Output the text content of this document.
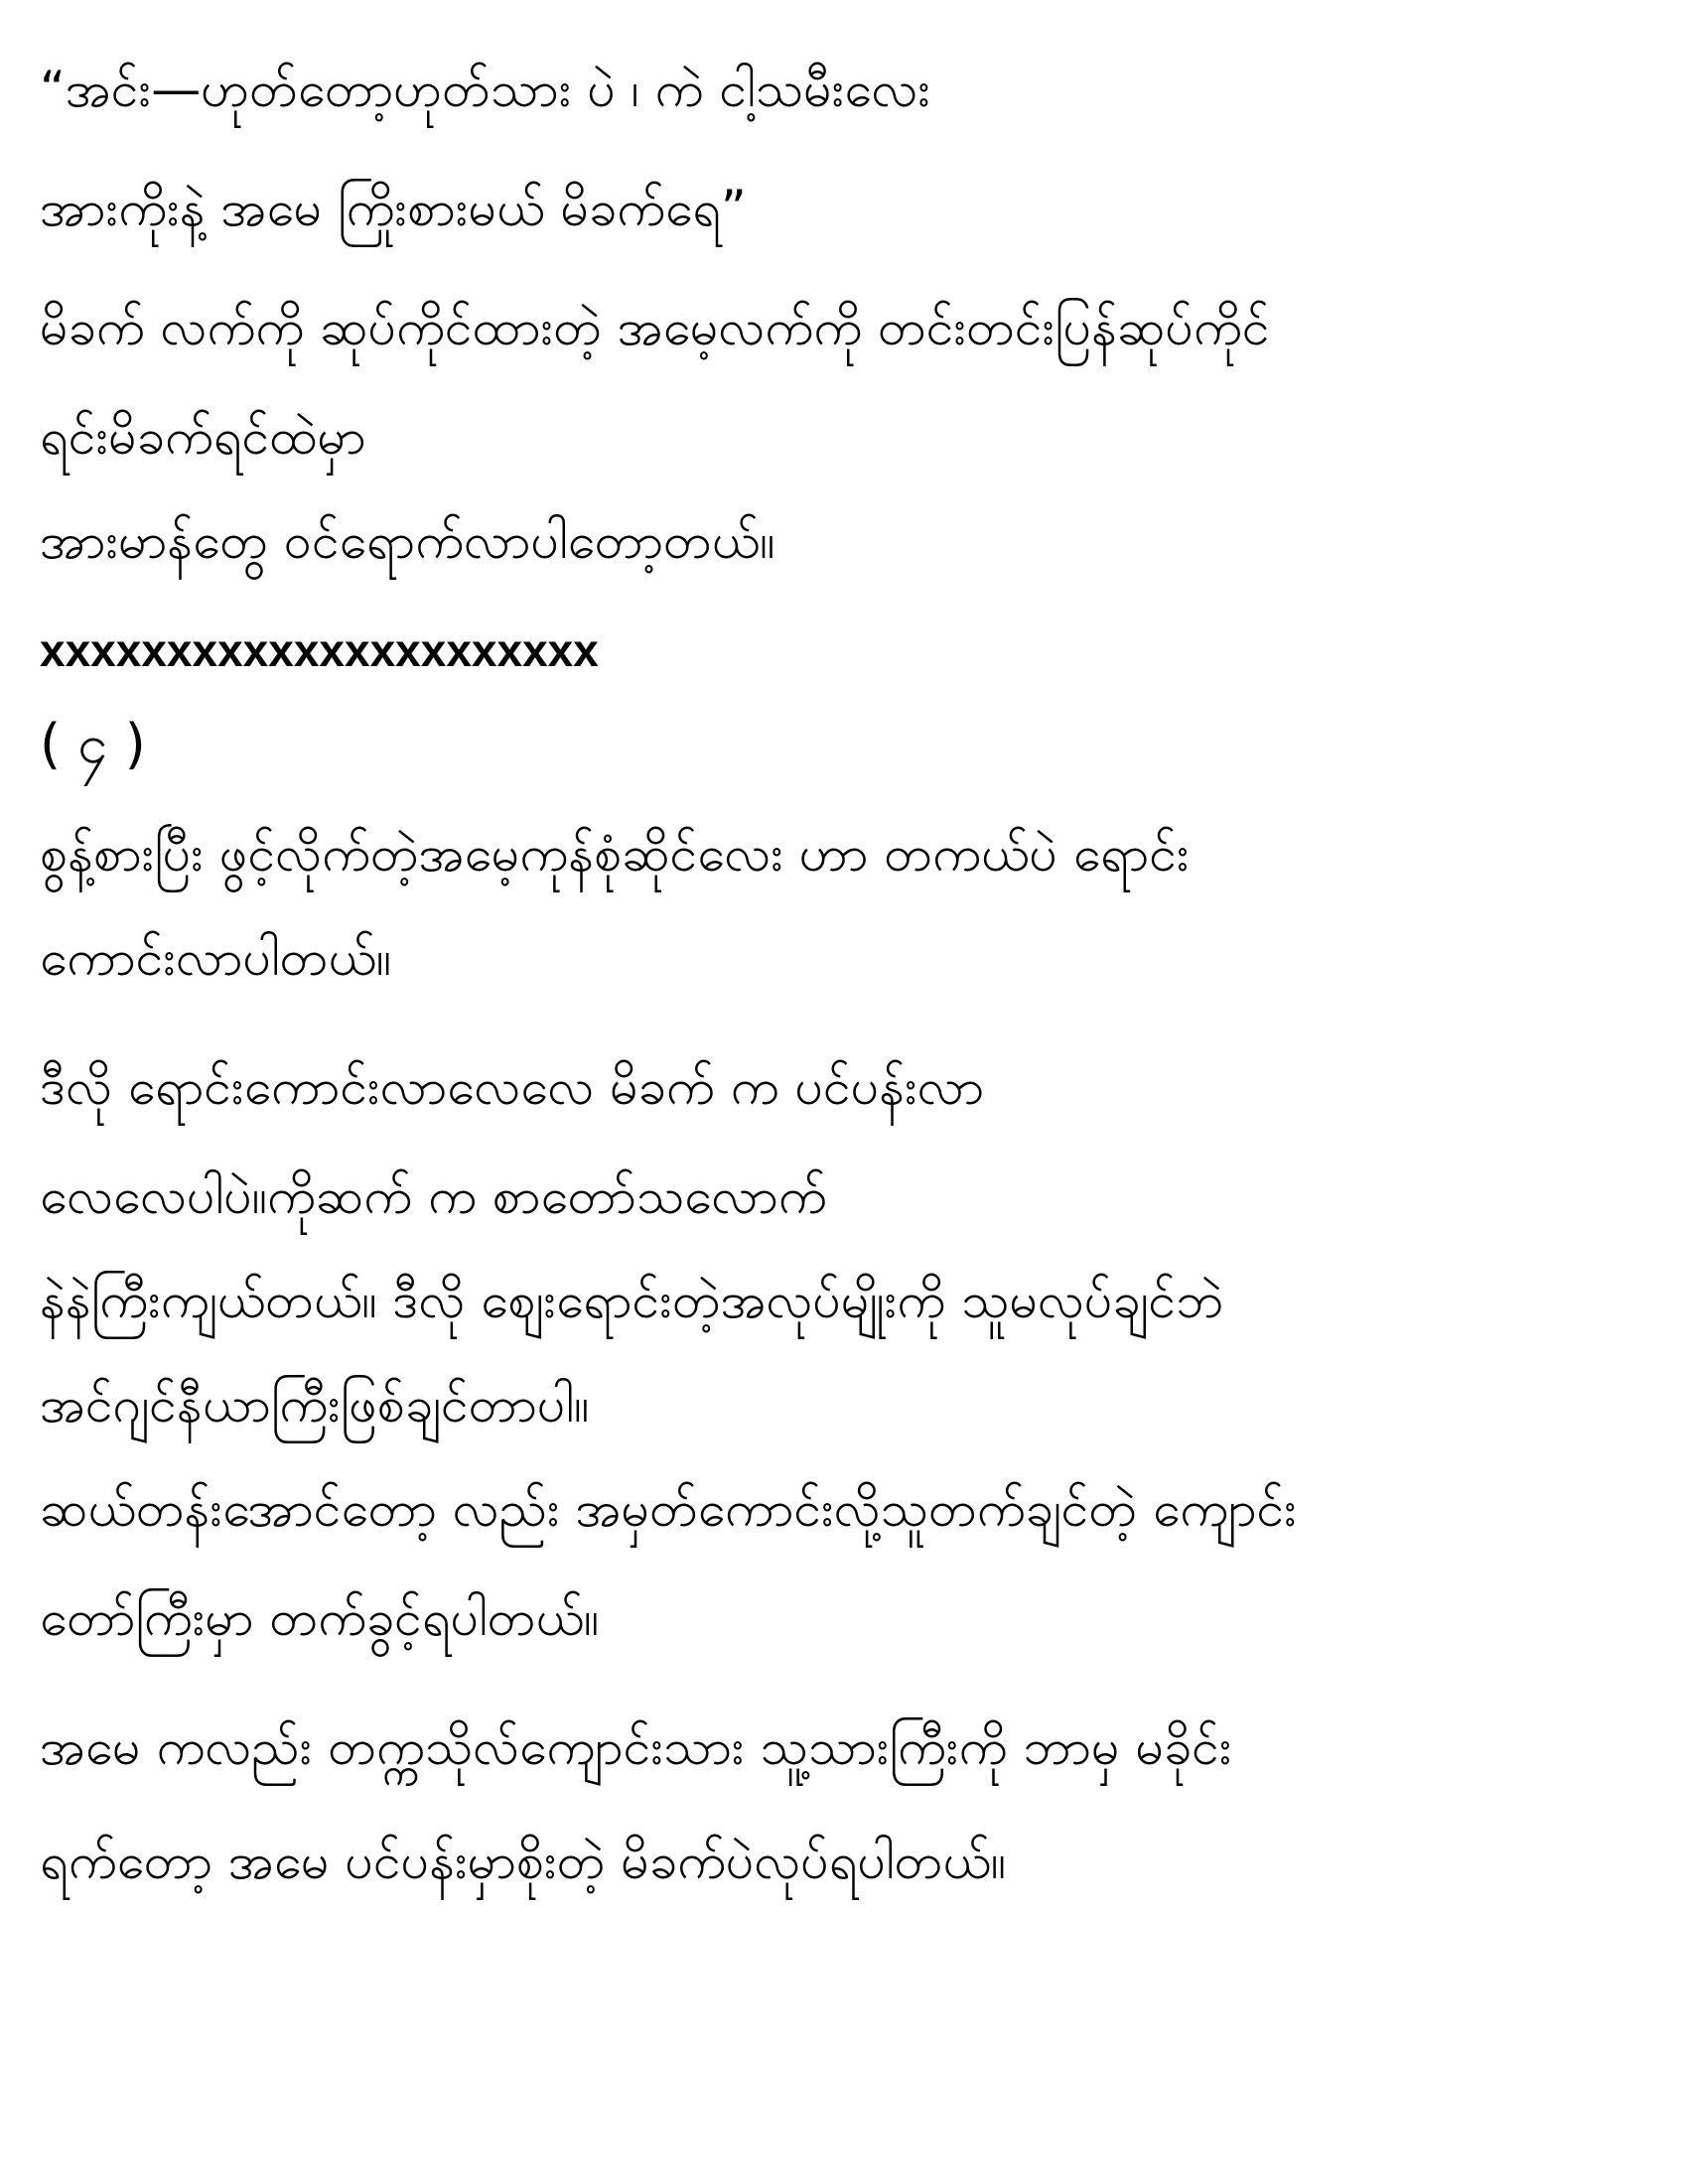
“အင်း—ဟုတ်တော့ဟုတ်သား ပဲ ၊ ကဲ ငါ့သမီးလေး
အားကိုးနဲ့ အမေ ကြိုးစားမယ် မိခက်ရေ”
မိခက် လက်ကို ဆုပ်ကိုင်ထားတဲ့ အမေ့လက်ကို တင်းတင်းပြန်ဆုပ်ကိုင်
ရင်းမိခက်ရင်ထဲမှာ
အားမာန်တွေ ဝင်ရောက်လာပါတော့တယ်။
xxxxxxxxxxxxxxxxxxxxxx
( ၄ )
စွန့်စားပြီး ဖွင့်လိုက်တဲ့အမေ့ကုန်စုံဆိုင်လေး ဟာ တကယ်ပဲ ရောင်း
ကောင်းလာပါတယ်။
ဒီလို ရောင်းကောင်းလာလေလေ မိခက် က ပင်ပန်းလာ
လေလေပါပဲ။ကိုဆက် က စာတော်သလောက်
နဲနဲကြီးကျယ်တယ်။ ဒီလို စျေးရောင်းတဲ့အလုပ်မျိုးကို သူမလုပ်ချင်ဘဲ
အင်ဂျင်နီယာကြီးဖြစ်ချင်တာပါ။
ဆယ်တန်းအောင်တော့ လည်း အမှတ်ကောင်းလို့သူတက်ချင်တဲ့ ကျောင်း
တော်ကြီးမှာ တက်ခွင့်ရပါတယ်။
အမေ ကလည်း တက္ကသိုလ်ကျောင်းသား သူ့သားကြီးကို ဘာမှ မခိုင်း
ရက်တော့ အမေ ပင်ပန်းမှာစိုးတဲ့ မိခက်ပဲလုပ်ရပါတယ်။
